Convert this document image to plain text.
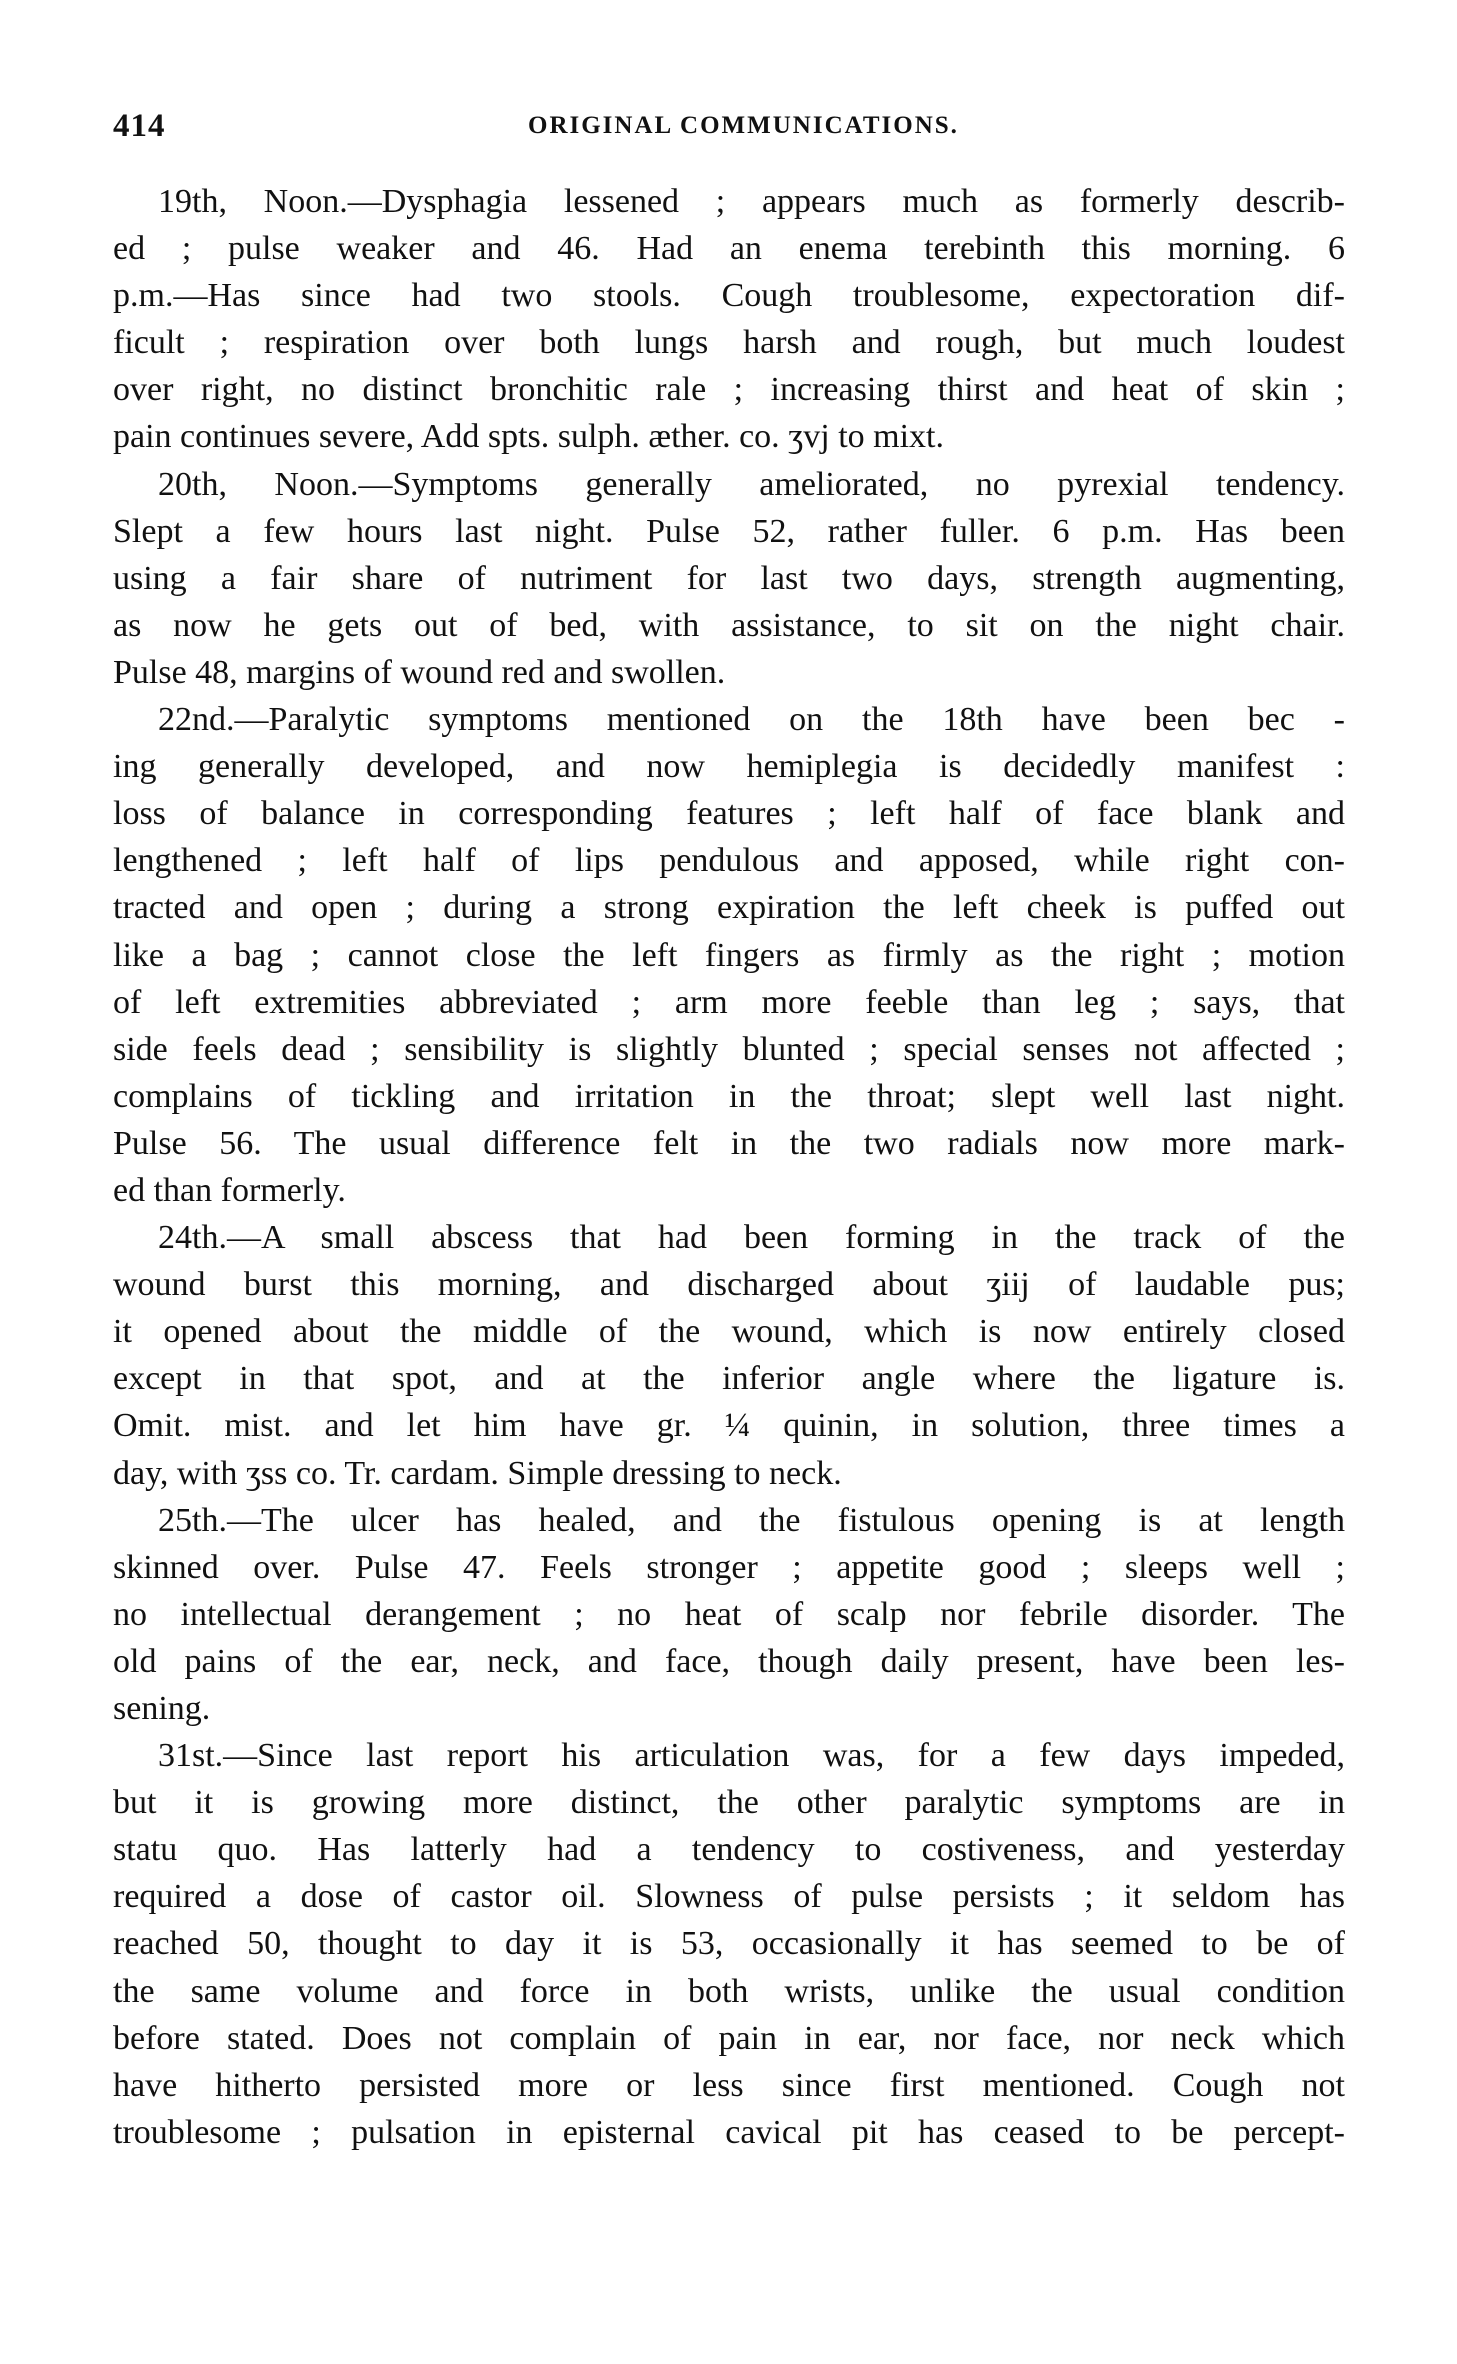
414	ORIGINAL COMMUNICATIONS.
19th, Noon.—Dysphagia lessened ; appears much as formerly describ-
ed ; pulse weaker and 46. Had an enema terebinth this morning. 6
p.m.—Has since had two stools. Cough troublesome, expectoration dif-
ficult ; respiration over both lungs harsh and rough, but much loudest
over right, no distinct bronchitic rale ; increasing thirst and heat of skin ;
pain continues severe, Add spts. sulph. æther. co. ʒvj to mixt.
20th, Noon.—Symptoms generally ameliorated, no pyrexial tendency.
Slept a few hours last night. Pulse 52, rather fuller. 6 p.m. Has been
using a fair share of nutriment for last two days, strength augmenting,
as now he gets out of bed, with assistance, to sit on the night chair.
Pulse 48, margins of wound red and swollen.
22nd.—Paralytic symptoms mentioned on the 18th have been bec -
ing generally developed, and now hemiplegia is decidedly manifest :
loss of balance in corresponding features ; left half of face blank and
lengthened ; left half of lips pendulous and apposed, while right con-
tracted and open ; during a strong expiration the left cheek is puffed out
like a bag ; cannot close the left fingers as firmly as the right ; motion
of left extremities abbreviated ; arm more feeble than leg ; says, that
side feels dead ; sensibility is slightly blunted ; special senses not affected ;
complains of tickling and irritation in the throat; slept well last night.
Pulse 56. The usual difference felt in the two radials now more mark-
ed than formerly.
24th.—A small abscess that had been forming in the track of the
wound burst this morning, and discharged about ʒiij of laudable pus;
it opened about the middle of the wound, which is now entirely closed
except in that spot, and at the inferior angle where the ligature is.
Omit. mist. and let him have gr. ¼ quinin, in solution, three times a
day, with ʒss co. Tr. cardam. Simple dressing to neck.
25th.—The ulcer has healed, and the fistulous opening is at length
skinned over. Pulse 47. Feels stronger ; appetite good ; sleeps well ;
no intellectual derangement ; no heat of scalp nor febrile disorder. The
old pains of the ear, neck, and face, though daily present, have been les-
sening.
31st.—Since last report his articulation was, for a few days impeded,
but it is growing more distinct, the other paralytic symptoms are in
statu quo. Has latterly had a tendency to costiveness, and yesterday
required a dose of castor oil. Slowness of pulse persists ; it seldom has
reached 50, thought to day it is 53, occasionally it has seemed to be of
the same volume and force in both wrists, unlike the usual condition
before stated. Does not complain of pain in ear, nor face, nor neck which
have hitherto persisted more or less since first mentioned. Cough not
troublesome ; pulsation in episternal cavical pit has ceased to be percept-
